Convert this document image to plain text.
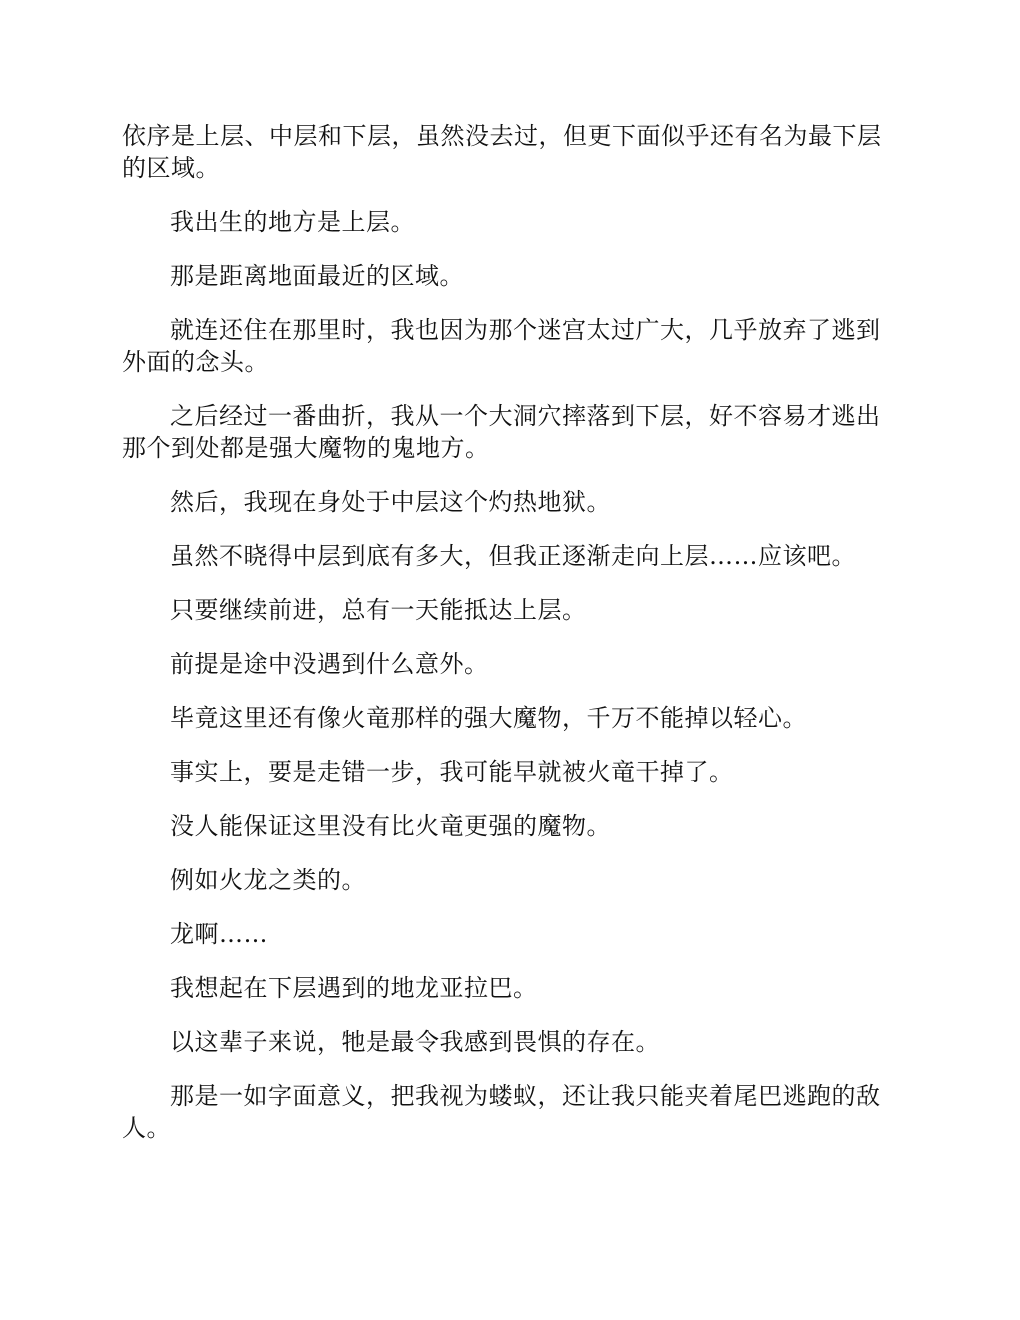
依序是上层、中层和下层，虽然没去过，但更下面似乎还有名为最下层的区域。

我出生的地方是上层。

那是距离地面最近的区域。

就连还住在那里时，我也因为那个迷宫太过广大，几乎放弃了逃到外面的念头。

之后经过一番曲折，我从一个大洞穴摔落到下层，好不容易才逃出那个到处都是强大魔物的鬼地方。

然后，我现在身处于中层这个灼热地狱。

虽然不晓得中层到底有多大，但我正逐渐走向上层……应该吧。

只要继续前进，总有一天能抵达上层。

前提是途中没遇到什么意外。

毕竟这里还有像火竜那样的强大魔物，千万不能掉以轻心。

事实上，要是走错一步，我可能早就被火竜干掉了。

没人能保证这里没有比火竜更强的魔物。

例如火龙之类的。

龙啊……

我想起在下层遇到的地龙亚拉巴。

以这辈子来说，牠是最令我感到畏惧的存在。

那是一如字面意义，把我视为蝼蚁，还让我只能夹着尾巴逃跑的敌人。
